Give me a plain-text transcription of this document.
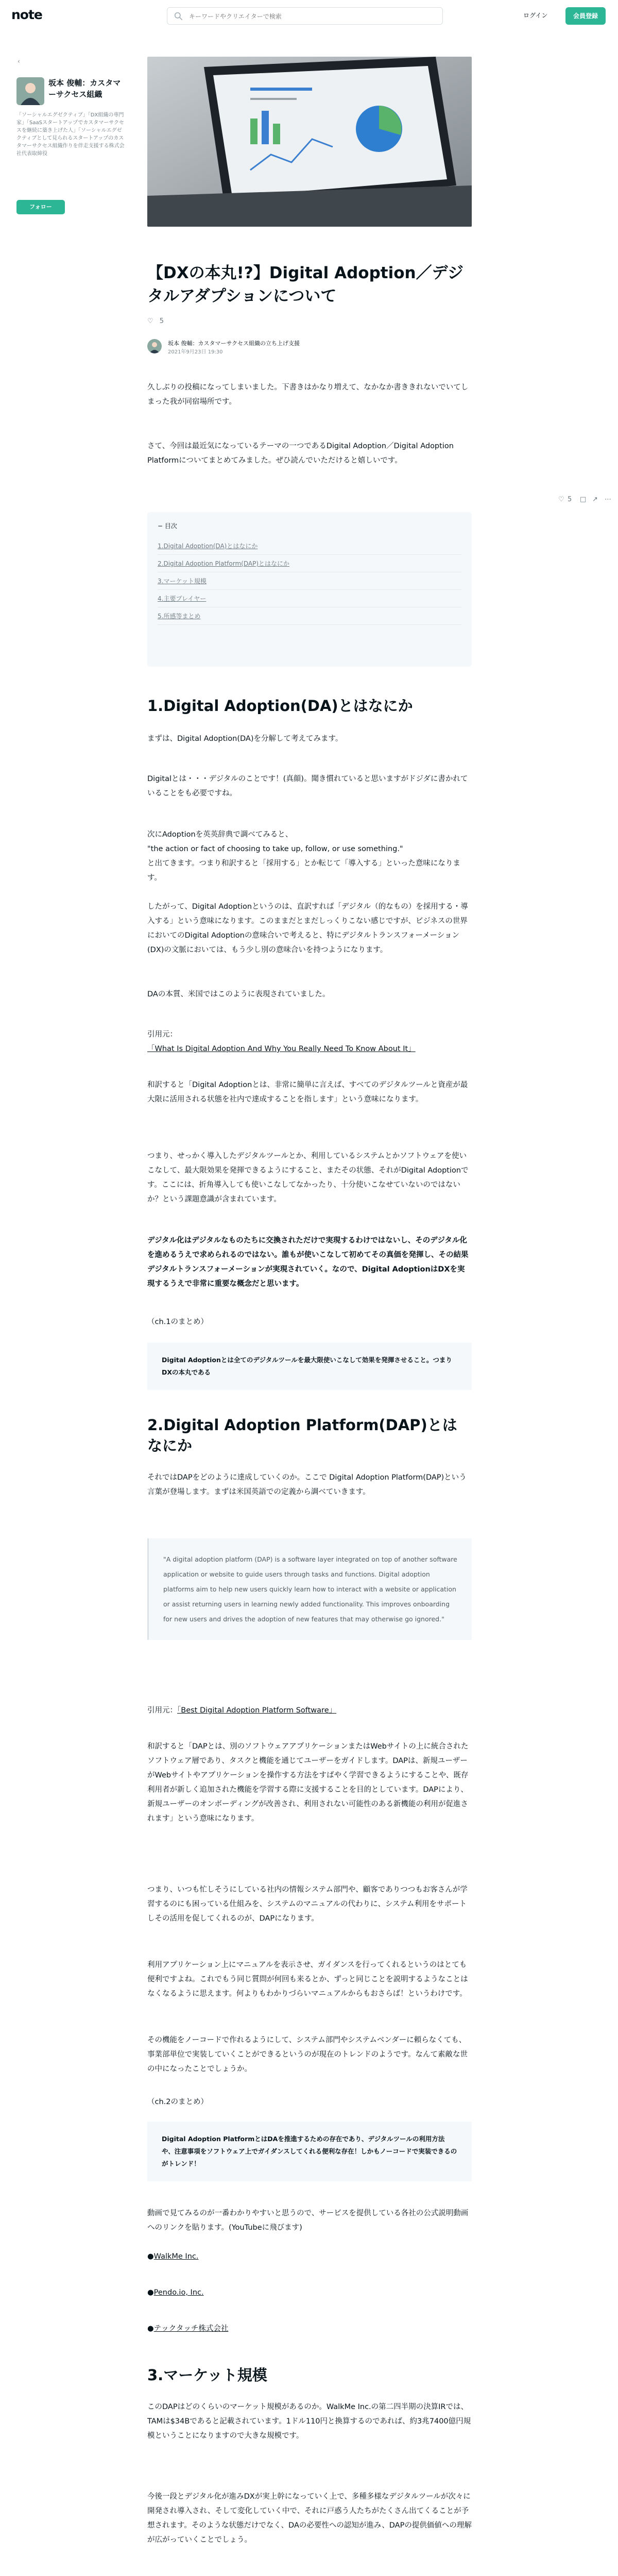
note
キーワードやクリエイターで検索	ログイン	会員登録
‹
坂本 俊輔：カスタマーサクセス組織
「ソーシャルエグゼクティブ」「DX組織の専門家」「SaaSスタートアップでカスタマーサクセスを継続に築き上げた人」「ソーシャルエグゼクティブとして見られるスタートアップのカスタマーサクセス組織作りを伴走支援する株式会社代表取締役
フォロー
♡ 5 □ ↗ ⋯
【DXの本丸!?】Digital Adoption／デジタルアダプションについて
♡ 5
坂本 俊輔：カスタマーサクセス組織の立ち上げ支援
2021年9月23日 19:30
久しぶりの投稿になってしまいました。下書きはかなり増えて、なかなか書ききれないでいてしまった我が同宿場所です。
さて、今回は最近気になっているテーマの一つであるDigital Adoption／Digital Adoption Platformについてまとめてみました。ぜひ読んでいただけると嬉しいです。
− 目次
1.Digital Adoption(DA)とはなにか
2.Digital Adoption Platform(DAP)とはなにか
3.マーケット規模
4.主要プレイヤー
5.所感等まとめ
1.Digital Adoption(DA)とはなにか
まずは、Digital Adoption(DA)を分解して考えてみます。
Digitalとは・・・デジタルのことです！(真顔)。聞き慣れていると思いますがドジダに書かれていることをも必要ですね。
次にAdoptionを英英辞典で調べてみると、
"the action or fact of choosing to take up, follow, or use something."
と出てきます。つまり和訳すると「採用する」とか転じて「導入する」といった意味になります。
したがって、Digital Adoptionというのは、直訳すれば「デジタル（的なもの）を採用する・導入する」という意味になります。このままだとまだしっくりこない感じですが、ビジネスの世界においてのDigital Adoptionの意味合いで考えると、特にデジタルトランスフォーメーション(DX)の文脈においては、もう少し別の意味合いを持つようになります。
DAの本質、米国ではこのように表現されていました。
引用元：
「What Is Digital Adoption And Why You Really Need To Know About It」
和訳すると「Digital Adoptionとは、非常に簡単に言えば、すべてのデジタルツールと資産が最大限に活用される状態を社内で達成することを指します」という意味になります。
つまり、せっかく導入したデジタルツールとか、利用しているシステムとかソフトウェアを使いこなして、最大限効果を発揮できるようにすること、またその状態、それがDigital Adoptionです。ここには、折角導入しても使いこなしてなかったり、十分使いこなせていないのではないか？という課題意識が含まれています。
デジタル化はデジタルなものたちに交換されただけで実現するわけではないし、そのデジタル化を進めるうえで求められるのではない。誰もが使いこなして初めてその真価を発揮し、その結果デジタルトランスフォーメーションが実現されていく。なので、Digital AdoptionはDXを実現するうえで非常に重要な概念だと思います。
（ch.1のまとめ）
Digital Adoptionとは全てのデジタルツールを最大限使いこなして効果を発揮させること。つまりDXの本丸である
2.Digital Adoption Platform(DAP)とはなにか
それではDAPをどのように達成していくのか。ここで Digital Adoption Platform(DAP)という言葉が登場します。まずは米国英語での定義から調べていきます。
"A digital adoption platform (DAP) is a software layer integrated on top of another software application or website to guide users through tasks and functions. Digital adoption platforms aim to help new users quickly learn how to interact with a website or application or assist returning users in learning newly added functionality. This improves onboarding for new users and drives the adoption of new features that may otherwise go ignored."
引用元：「Best Digital Adoption Platform Software」
和訳すると「DAPとは、別のソフトウェアアプリケーションまたはWebサイトの上に統合されたソフトウェア層であり、タスクと機能を通じてユーザーをガイドします。DAPは、新規ユーザーがWebサイトやアプリケーションを操作する方法をすばやく学習できるようにすることや、既存利用者が新しく追加された機能を学習する際に支援することを目的としています。DAPにより、新規ユーザーのオンボーディングが改善され、利用されない可能性のある新機能の利用が促進されます」という意味になります。
つまり、いつも忙しそうにしている社内の情報システム部門や、顧客でありつつもお客さんが学習するのにも困っている仕組みを、システムのマニュアルの代わりに、システム利用をサポートしその活用を促してくれるのが、DAPになります。
利用アプリケーション上にマニュアルを表示させ、ガイダンスを行ってくれるというのはとても便利ですよね。これでもう同じ質問が何回も来るとか、ずっと同じことを説明するようなことはなくなるように思えます。何よりもわかりづらいマニュアルからもおさらば！というわけです。
その機能をノーコードで作れるようにして、システム部門やシステムベンダーに頼らなくても、事業部単位で実装していくことができるというのが現在のトレンドのようです。なんて素敵な世の中になったことでしょうか。
（ch.2のまとめ）
Digital Adoption PlatformとはDAを推進するための存在であり、デジタルツールの利用方法や、注意事項をソフトウェア上でガイダンスしてくれる便利な存在！しかもノーコードで実装できるのがトレンド！
動画で見てみるのが一番わかりやすいと思うので、サービスを提供している各社の公式説明動画へのリンクを貼ります。(YouTubeに飛びます)
●WalkMe Inc.
●Pendo.io, Inc.
●テックタッチ株式会社
3.マーケット規模
このDAPはどのくらいのマーケット規模があるのか。WalkMe Inc.の第二四半期の決算IRでは、TAMは$34Bであると記載されています。1ドル110円と換算するのであれば、約3兆7400億円規模ということになりますので大きな規模です。
今後一段とデジタル化が進みDXが実上幹になっていく上で、多種多様なデジタルツールが次々に開発され導入され、そして変化していく中で、それに戸惑う人たちがたくさん出てくることが予想されます。そのような状態だけでなく、DAの必要性への認知が進み、DAPの提供価値への理解が広がっていくことでしょう。
